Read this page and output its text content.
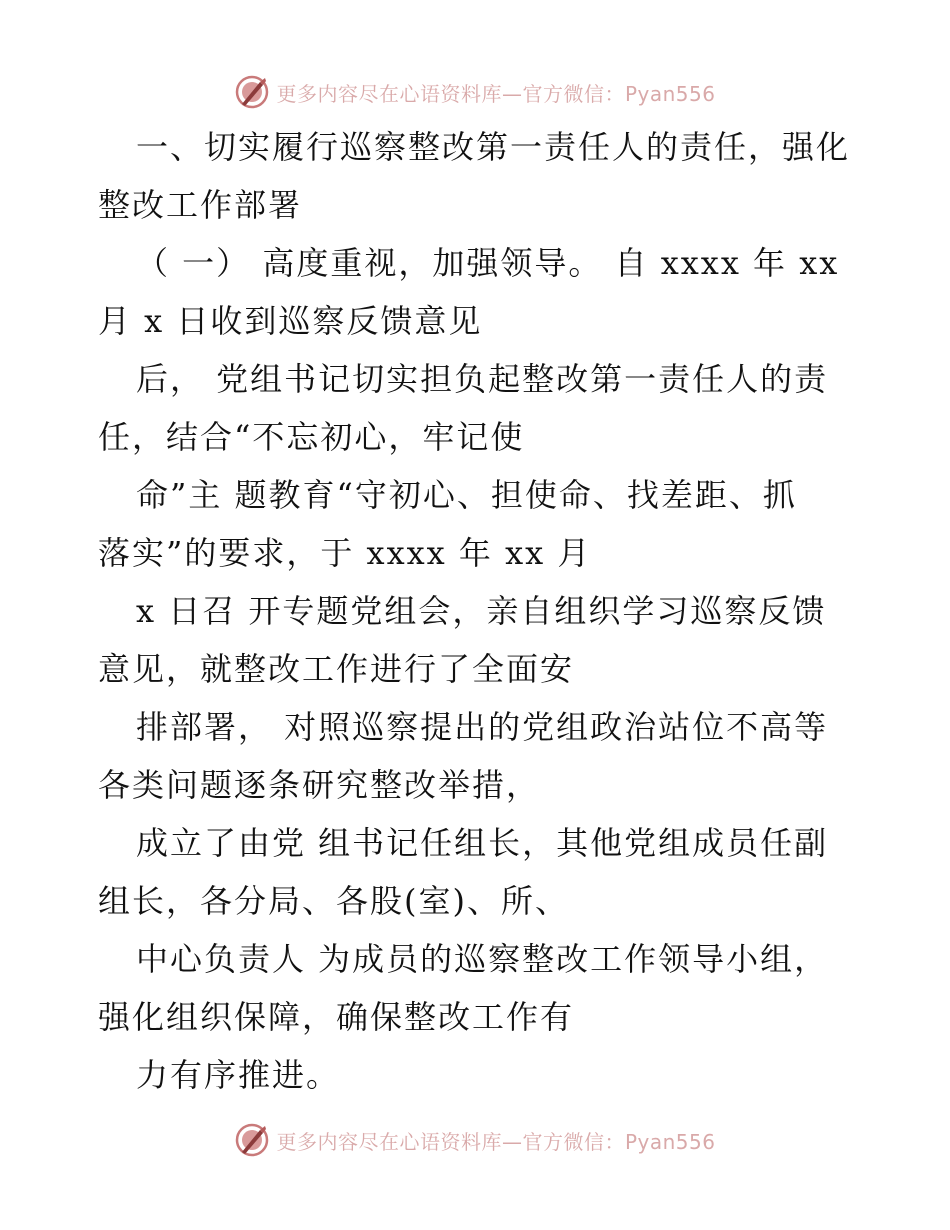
更多内容尽在心语资料库—官方微信：Pyan556
一、切实履行巡察整改第一责任人的责任，强化
整改工作部署
（ 一） 高度重视，加强领导。 自 xxxx 年 xx
月 x 日收到巡察反馈意见
后， 党组书记切实担负起整改第一责任人的责
任，结合“不忘初心，牢记使
命”主 题教育“守初心、担使命、找差距、抓
落实”的要求，于 xxxx 年 xx 月
x 日召 开专题党组会，亲自组织学习巡察反馈
意见，就整改工作进行了全面安
排部署， 对照巡察提出的党组政治站位不高等
各类问题逐条研究整改举措，
成立了由党 组书记任组长，其他党组成员任副
组长，各分局、各股(室)、所、
中心负责人 为成员的巡察整改工作领导小组，
强化组织保障，确保整改工作有
力有序推进。
更多内容尽在心语资料库—官方微信：Pyan556
